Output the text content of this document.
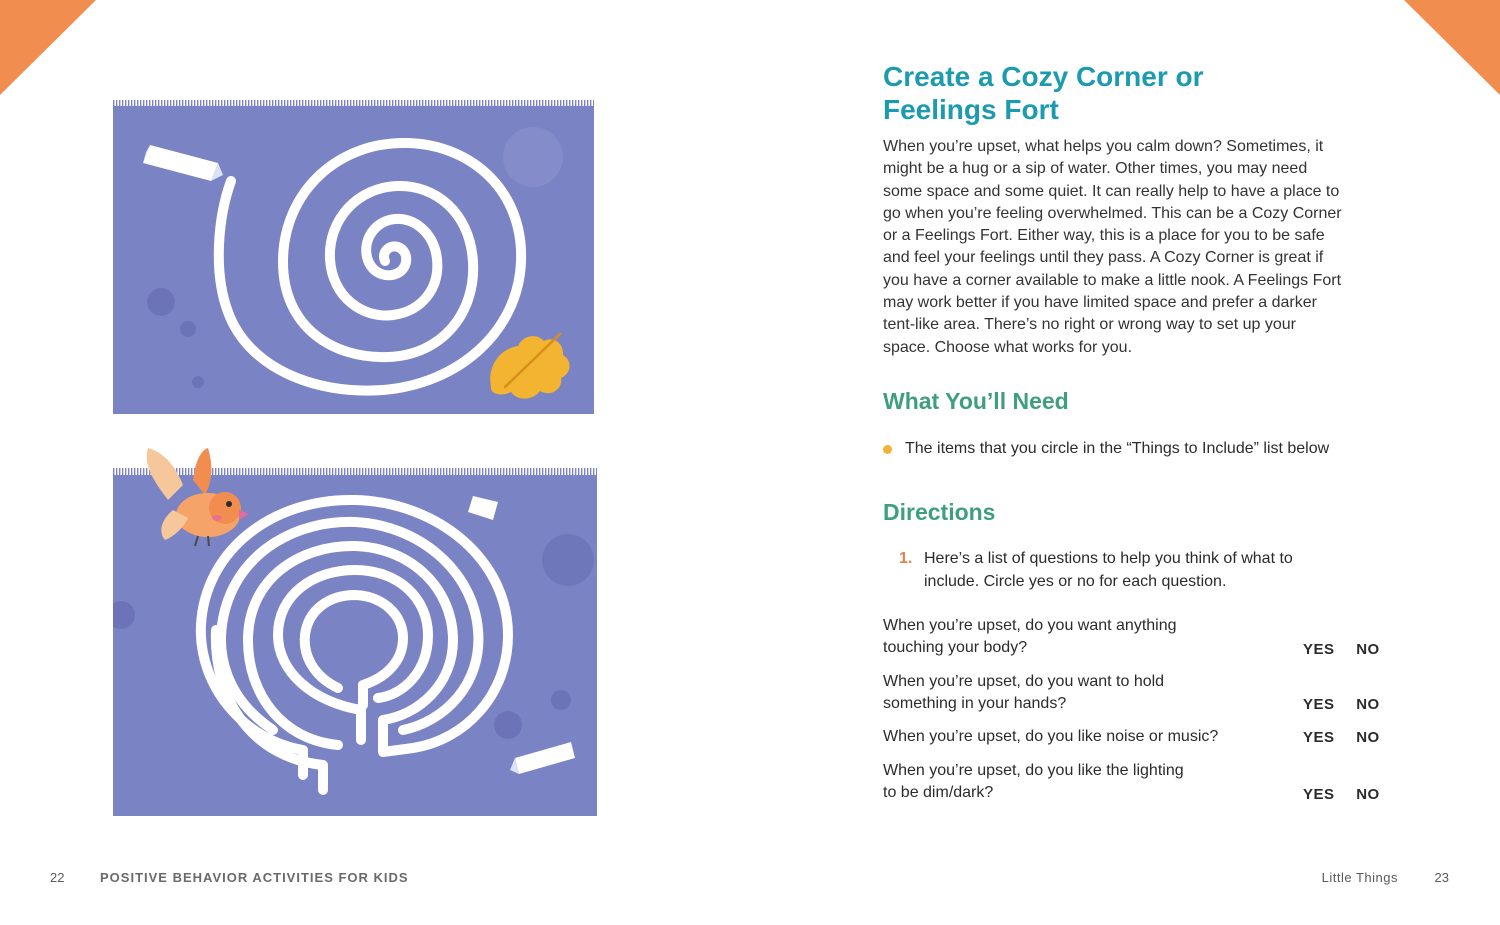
22	POSITIVE BEHAVIOR ACTIVITIES FOR KIDS	Little Things	23
Create a Cozy Corner or
Feelings Fort

When you’re upset, what helps you calm down? Sometimes, it
might be a hug or a sip of water. Other times, you may need
some space and some quiet. It can really help to have a place to
go when you’re feeling overwhelmed. This can be a Cozy Corner
or a Feelings Fort. Either way, this is a place for you to be safe
and feel your feelings until they pass. A Cozy Corner is great if
you have a corner available to make a little nook. A Feelings Fort
may work better if you have limited space and prefer a darker
tent-like area. There’s no right or wrong way to set up your
space. Choose what works for you.

What You’ll Need
The items that you circle in the “Things to Include” list below
Directions
1. Here’s a list of questions to help you think of what to
include. Circle yes or no for each question.
When you’re upset, do you want anything
touching your body?	YES NO
When you’re upset, do you want to hold
something in your hands?	YES NO
When you’re upset, do you like noise or music?	YES NO
When you’re upset, do you like the lighting
to be dim/dark?	YES NO
